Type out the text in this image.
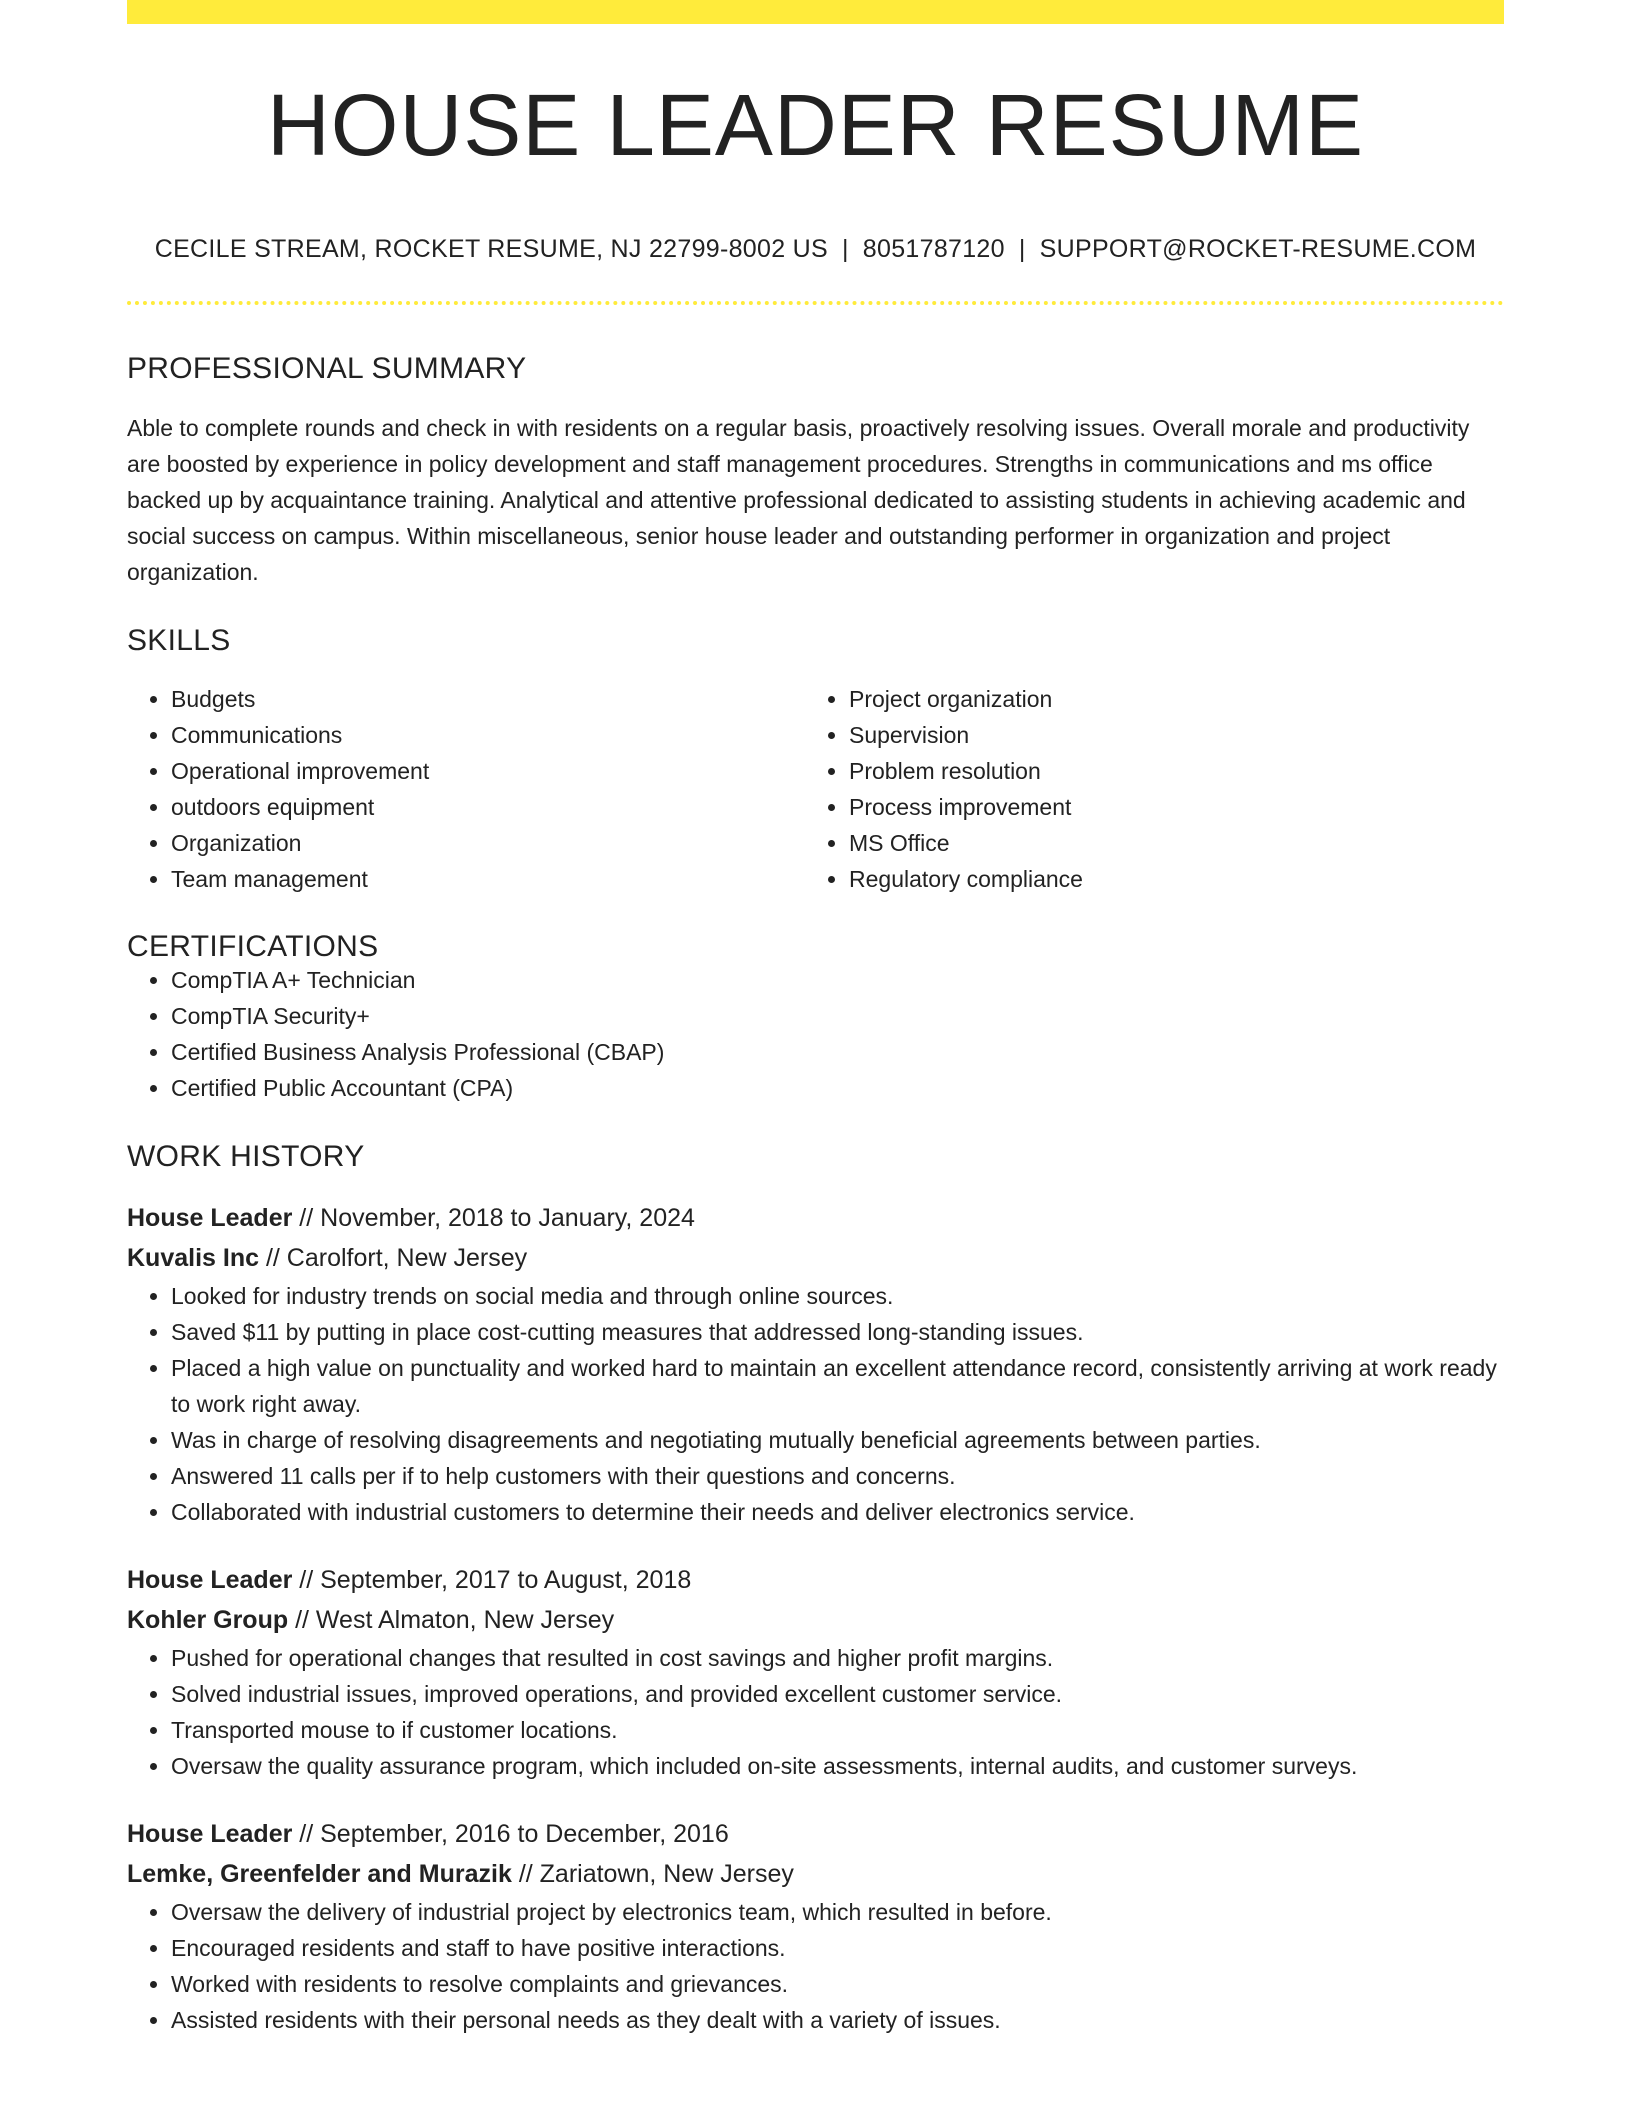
HOUSE LEADER RESUME
CECILE STREAM, ROCKET RESUME, NJ 22799-8002 US | 8051787120 | SUPPORT@ROCKET-RESUME.COM
PROFESSIONAL SUMMARY

Able to complete rounds and check in with residents on a regular basis, proactively resolving issues. Overall morale and productivity are boosted by experience in policy development and staff management procedures. Strengths in communications and ms office backed up by acquaintance training. Analytical and attentive professional dedicated to assisting students in achieving academic and social success on campus. Within miscellaneous, senior house leader and outstanding performer in organization and project organization.

SKILLS
• Budgets
• Communications
• Operational improvement
• outdoors equipment
• Organization
• Team management
• Project organization
• Supervision
• Problem resolution
• Process improvement
• MS Office
• Regulatory compliance
CERTIFICATIONS
• CompTIA A+ Technician
• CompTIA Security+
• Certified Business Analysis Professional (CBAP)
• Certified Public Accountant (CPA)
WORK HISTORY
House Leader // November, 2018 to January, 2024
Kuvalis Inc // Carolfort, New Jersey
• Looked for industry trends on social media and through online sources.
• Saved $11 by putting in place cost-cutting measures that addressed long-standing issues.
• Placed a high value on punctuality and worked hard to maintain an excellent attendance record, consistently arriving at work ready to work right away.
• Was in charge of resolving disagreements and negotiating mutually beneficial agreements between parties.
• Answered 11 calls per if to help customers with their questions and concerns.
• Collaborated with industrial customers to determine their needs and deliver electronics service.
House Leader // September, 2017 to August, 2018
Kohler Group // West Almaton, New Jersey
• Pushed for operational changes that resulted in cost savings and higher profit margins.
• Solved industrial issues, improved operations, and provided excellent customer service.
• Transported mouse to if customer locations.
• Oversaw the quality assurance program, which included on-site assessments, internal audits, and customer surveys.
House Leader // September, 2016 to December, 2016
Lemke, Greenfelder and Murazik // Zariatown, New Jersey
• Oversaw the delivery of industrial project by electronics team, which resulted in before.
• Encouraged residents and staff to have positive interactions.
• Worked with residents to resolve complaints and grievances.
• Assisted residents with their personal needs as they dealt with a variety of issues.
